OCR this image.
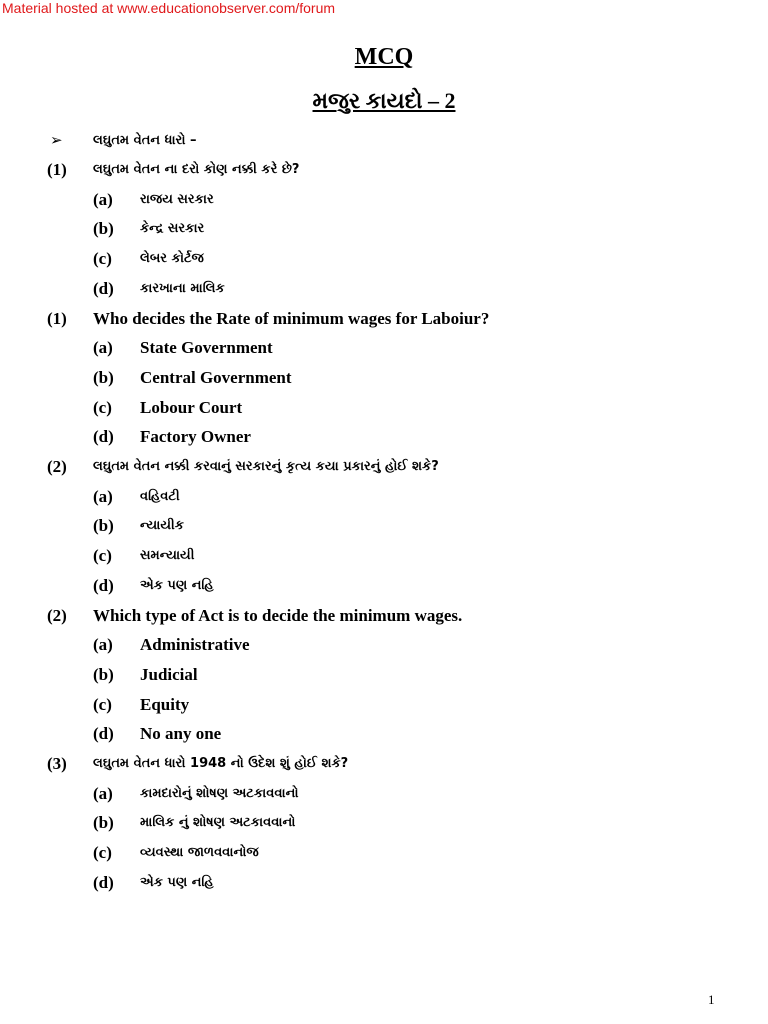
Material hosted at www.educationobserver.com/forum
MCQ
મજુર કાયદો – 2
➢ લઘુતમ વેતન ધારો –
(1) લઘુતમ વેતન ના દરો કોણ નક્કી કરે છે?
(a) રાજય સરકાર
(b) કેન્દ્ર સરકાર
(c) લેબર કોર્ટજ
(d) કારખાના માલિક
(1) Who decides the Rate of minimum wages for Laboiur?
(a) State Government
(b) Central Government
(c) Lobour Court
(d) Factory Owner
(2) લઘુતમ વેતન નક્કી કરવાનું સરકારનું કૃત્ય કયા પ્રકારનું હોઈ શકે?
(a) વહિવટી
(b) ન્યાયીક
(c) સમન્યાયી
(d) એક પણ નહિ
(2) Which type of Act is to decide the minimum wages.
(a) Administrative
(b) Judicial
(c) Equity
(d) No any one
(3) લઘુતમ વેતન ધારો 1948 નો ઉદેશ શું હોઈ શકે?
(a) કામદારોનું શોષણ અટકાવવાનો
(b) માલિક નું શોષણ અટકાવવાનો
(c) વ્યવસ્થા જાળવવાનોજ
(d) એક પણ નહિ
1
